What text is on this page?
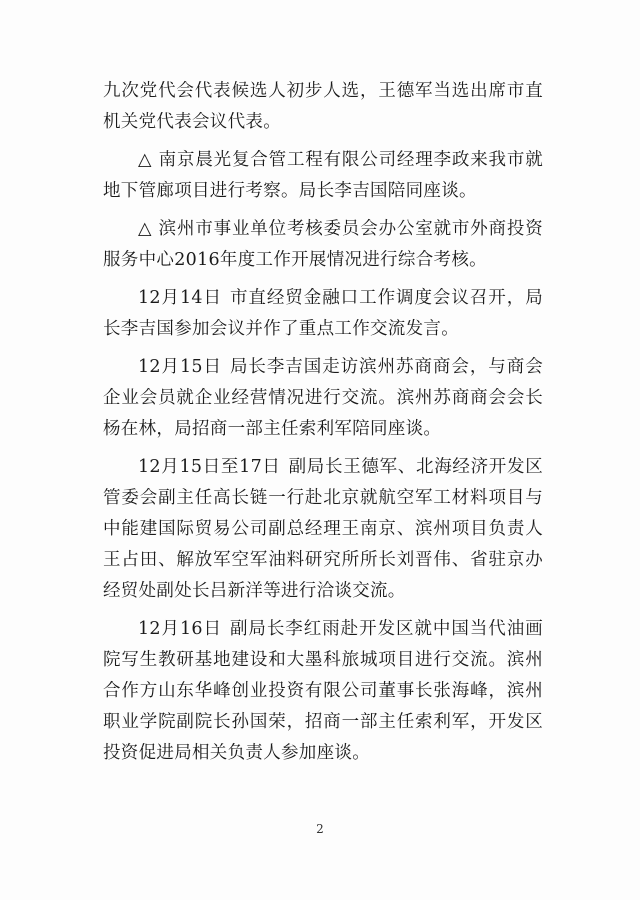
九次党代会代表候选人初步人选，王德军当选出席市直机关党代表会议代表。

△ 南京晨光复合管工程有限公司经理李政来我市就地下管廊项目进行考察。局长李吉国陪同座谈。

△ 滨州市事业单位考核委员会办公室就市外商投资服务中心2016年度工作开展情况进行综合考核。

12月14日 市直经贸金融口工作调度会议召开，局长李吉国参加会议并作了重点工作交流发言。

12月15日 局长李吉国走访滨州苏商商会，与商会企业会员就企业经营情况进行交流。滨州苏商商会会长杨在林，局招商一部主任索利军陪同座谈。

12月15日至17日 副局长王德军、北海经济开发区管委会副主任高长链一行赴北京就航空军工材料项目与中能建国际贸易公司副总经理王南京、滨州项目负责人王占田、解放军空军油料研究所所长刘晋伟、省驻京办经贸处副处长吕新洋等进行洽谈交流。

12月16日 副局长李红雨赴开发区就中国当代油画院写生教研基地建设和大墨科旅城项目进行交流。滨州合作方山东华峰创业投资有限公司董事长张海峰，滨州职业学院副院长孙国荣，招商一部主任索利军，开发区投资促进局相关负责人参加座谈。

2
